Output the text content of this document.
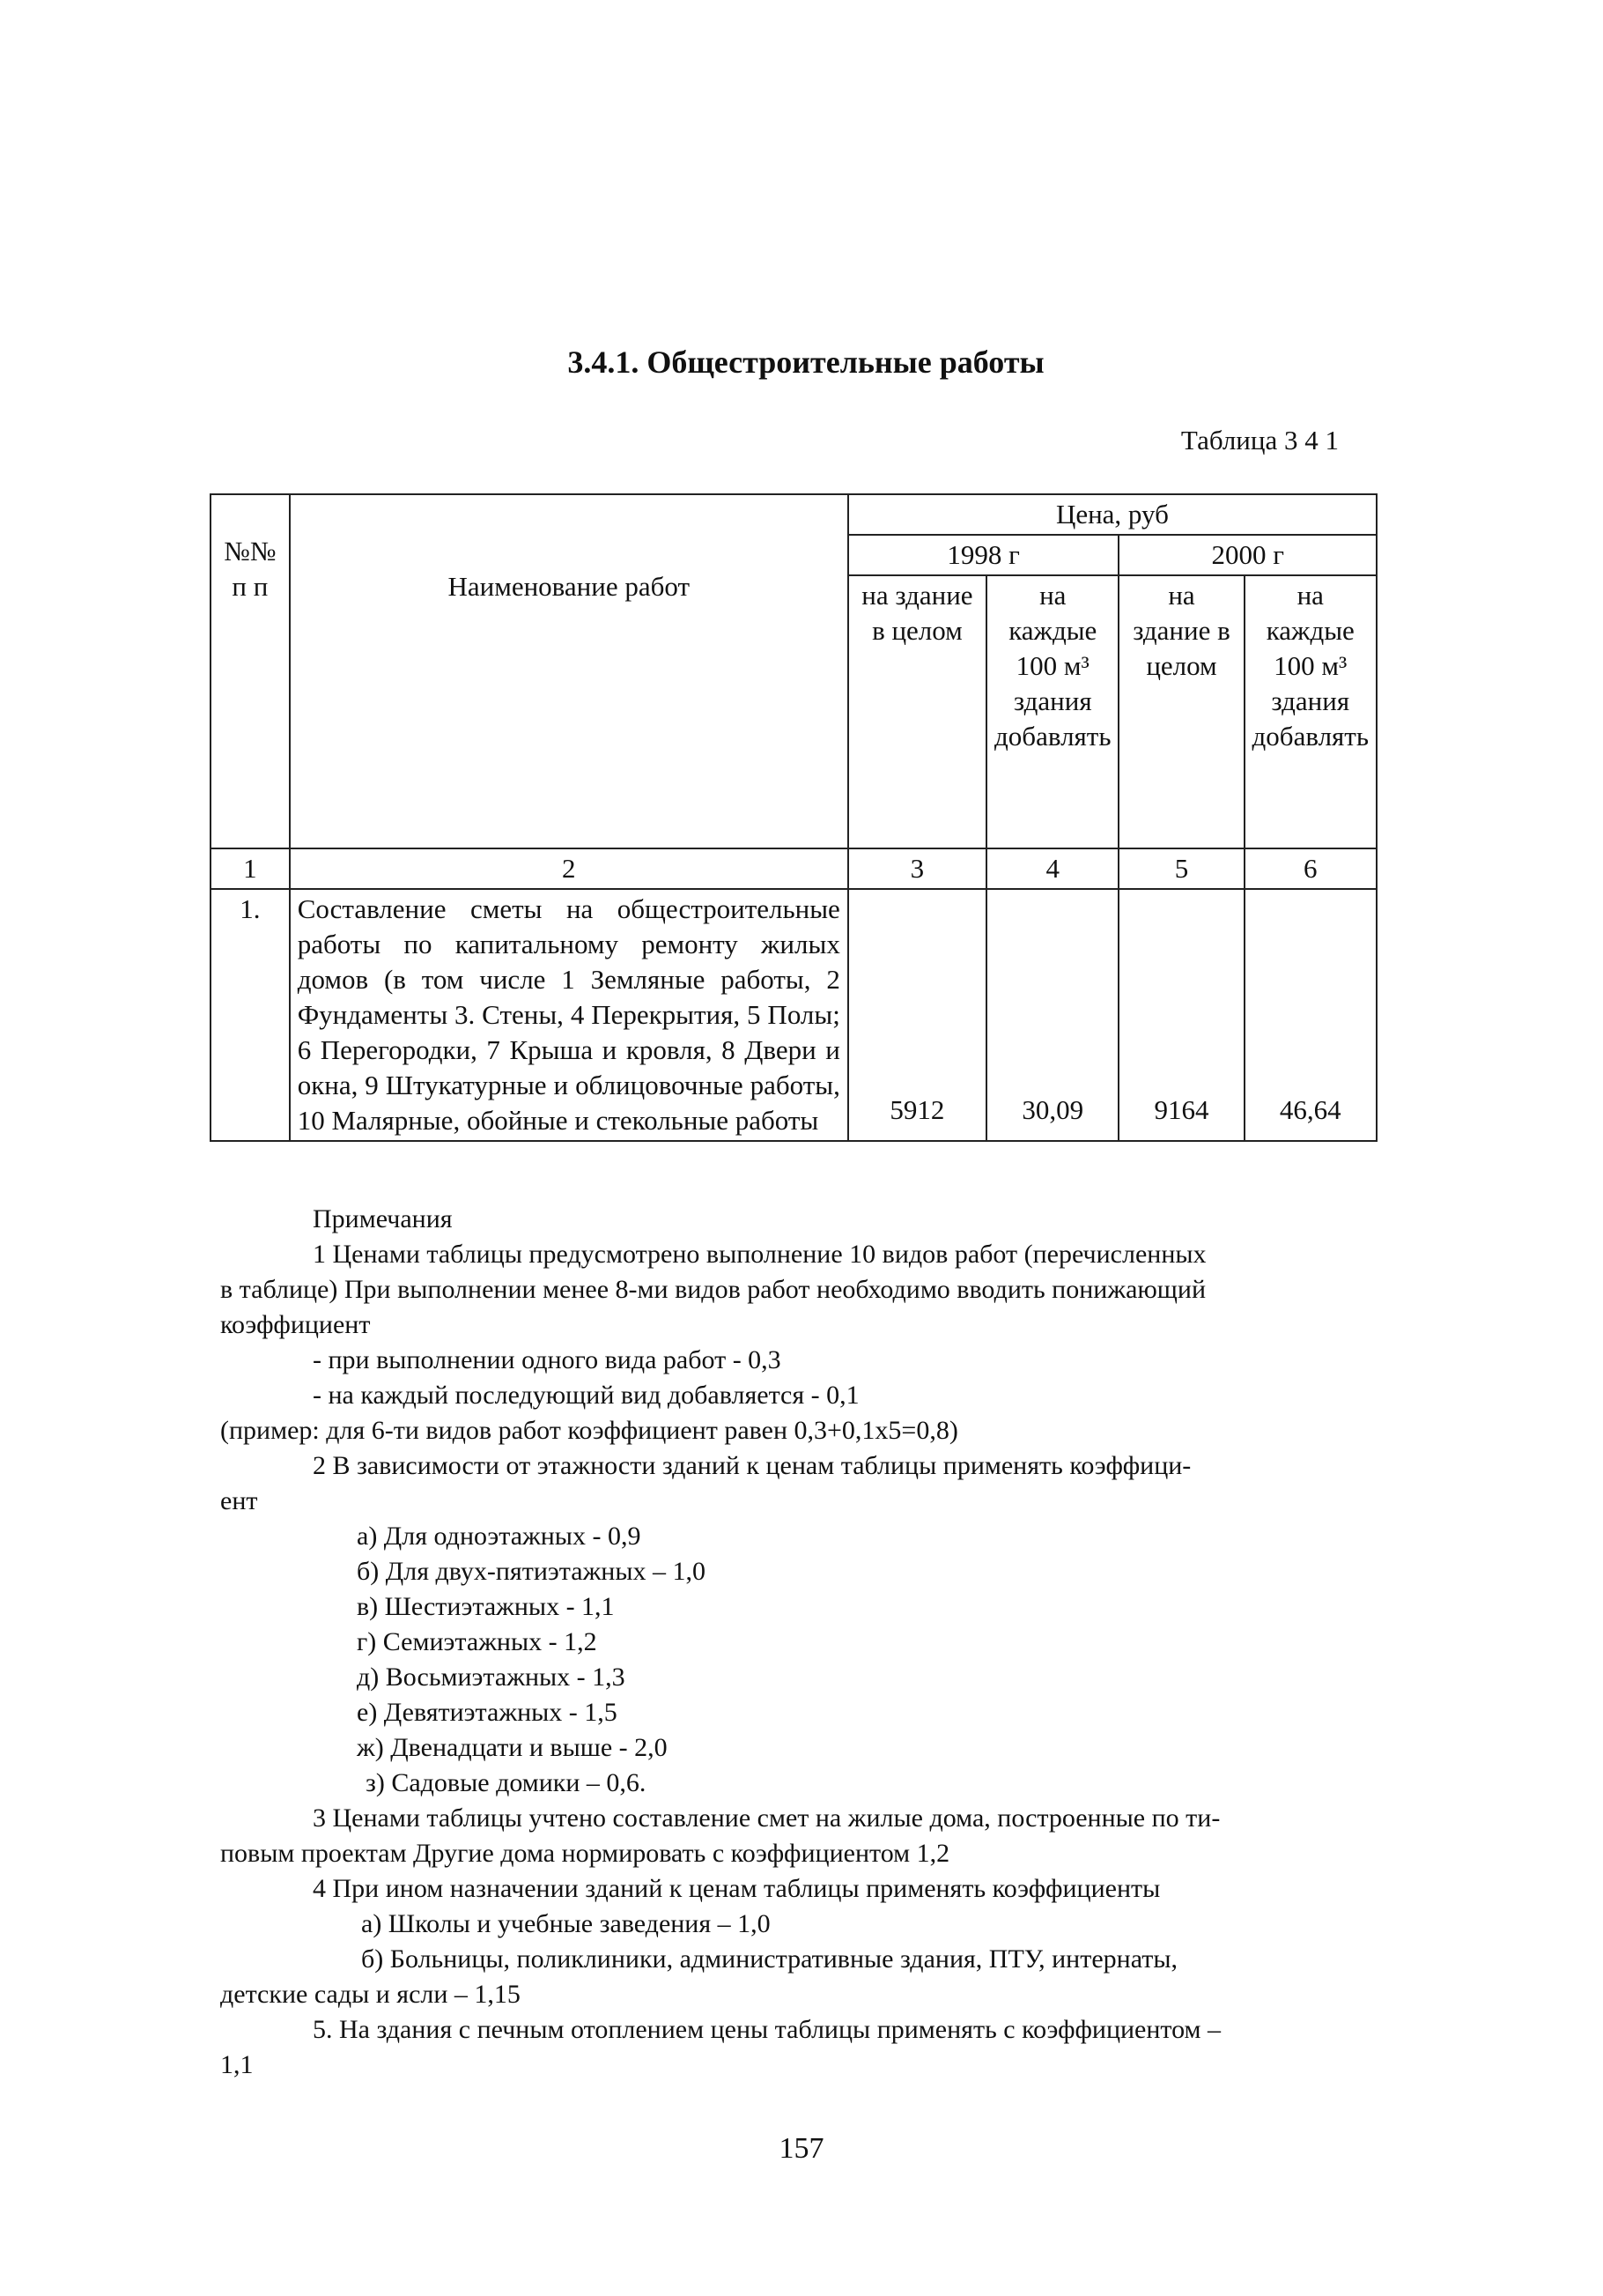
3.4.1. Общестроительные работы
Таблица 3 4 1
№№ п п	Наименование работ	Цена, руб			
		1998 г		2000 г	
		на здание в целом	на каждые 100 м³ здания добавлять	на здание в целом	на каждые 100 м³ здания добавлять
1	2	3	4	5	6
1.	Составление сметы на общестроительные работы по капитальному ремонту жилых домов (в том числе 1 Земляные работы, 2 Фундаменты 3. Стены, 4 Перекрытия, 5 Полы; 6 Перегородки, 7 Крыша и кровля, 8 Двери и окна, 9 Штукатурные и облицовочные работы, 10 Малярные, обойные и стекольные работы	5912	30,09	9164	46,64

Примечания

1 Ценами таблицы предусмотрено выполнение 10 видов работ (перечисленных

в таблице) При выполнении менее 8-ми видов работ необходимо вводить понижающий

коэффициент

- при выполнении одного вида работ - 0,3

- на каждый последующий вид добавляется - 0,1

(пример: для 6-ти видов работ коэффициент равен 0,3+0,1х5=0,8)

2 В зависимости от этажности зданий к ценам таблицы применять коэффици-

ент

а) Для одноэтажных - 0,9

б) Для двух-пятиэтажных – 1,0

в) Шестиэтажных - 1,1

г) Семиэтажных - 1,2

д) Восьмиэтажных - 1,3

е) Девятиэтажных - 1,5

ж) Двенадцати и выше - 2,0

з) Садовые домики – 0,6.

3 Ценами таблицы учтено составление смет на жилые дома, построенные по ти-

повым проектам Другие дома нормировать с коэффициентом 1,2

4 При ином назначении зданий к ценам таблицы применять коэффициенты

а) Школы и учебные заведения – 1,0

б) Больницы, поликлиники, административные здания, ПТУ, интернаты,

детские сады и ясли – 1,15

5. На здания с печным отоплением цены таблицы применять с коэффициентом –

1,1

157
